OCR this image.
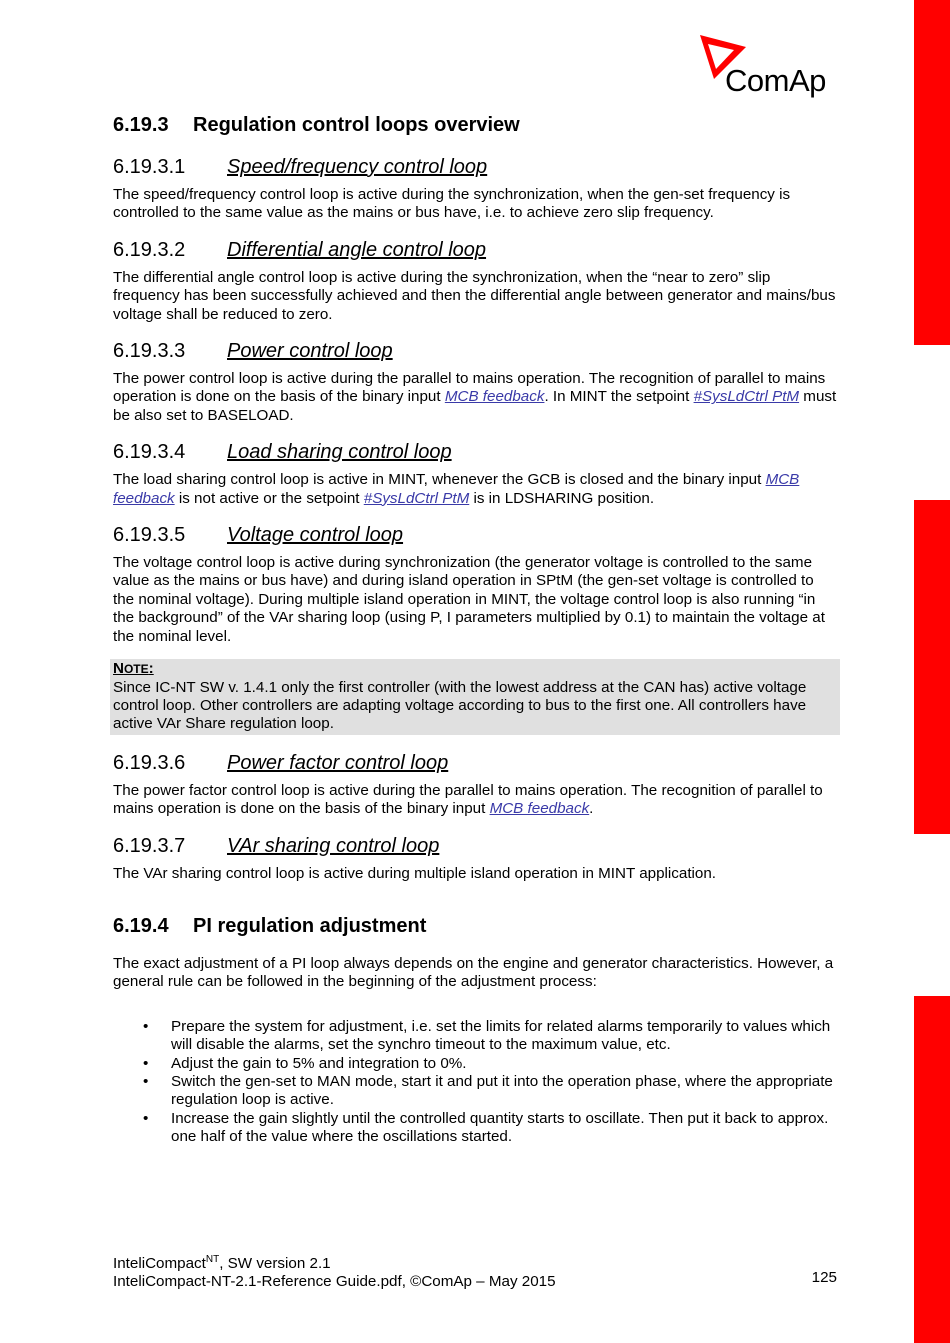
ComAp
6.19.3	Regulation control loops overview
6.19.3.1	Speed/frequency control loop

The speed/frequency control loop is active during the synchronization, when the gen-set frequency is controlled to the same value as the mains or bus have, i.e. to achieve zero slip frequency.

6.19.3.2	Differential angle control loop

The differential angle control loop is active during the synchronization, when the “near to zero” slip frequency has been successfully achieved and then the differential angle between generator and mains/bus voltage shall be reduced to zero.

6.19.3.3	Power control loop

The power control loop is active during the parallel to mains operation. The recognition of parallel to mains operation is done on the basis of the binary input MCB feedback. In MINT the setpoint #SysLdCtrl PtM must be also set to BASELOAD.

6.19.3.4	Load sharing control loop

The load sharing control loop is active in MINT, whenever the GCB is closed and the binary input MCB feedback is not active or the setpoint #SysLdCtrl PtM is in LDSHARING position.

6.19.3.5	Voltage control loop

The voltage control loop is active during synchronization (the generator voltage is controlled to the same value as the mains or bus have) and during island operation in SPtM (the gen-set voltage is controlled to the nominal voltage). During multiple island operation in MINT, the voltage control loop is also running “in the background” of the VAr sharing loop (using P, I parameters multiplied by 0.1) to maintain the voltage at the nominal level.

NOTE:
Since IC-NT SW v. 1.4.1 only the first controller (with the lowest address at the CAN has) active voltage control loop. Other controllers are adapting voltage according to bus to the first one. All controllers have active VAr Share regulation loop.
6.19.3.6	Power factor control loop

The power factor control loop is active during the parallel to mains operation. The recognition of parallel to mains operation is done on the basis of the binary input MCB feedback.

6.19.3.7	VAr sharing control loop

The VAr sharing control loop is active during multiple island operation in MINT application.

6.19.4	PI regulation adjustment

The exact adjustment of a PI loop always depends on the engine and generator characteristics. However, a general rule can be followed in the beginning of the adjustment process:

• Prepare the system for adjustment, i.e. set the limits for related alarms temporarily to values which will disable the alarms, set the synchro timeout to the maximum value, etc.
• Adjust the gain to 5% and integration to 0%.
• Switch the gen-set to MAN mode, start it and put it into the operation phase, where the appropriate regulation loop is active.
• Increase the gain slightly until the controlled quantity starts to oscillate. Then put it back to approx. one half of the value where the oscillations started.
InteliCompact$^{NT}$, SW version 2.1
InteliCompact-NT-2.1-Reference Guide.pdf, ©ComAp – May 2015	125
